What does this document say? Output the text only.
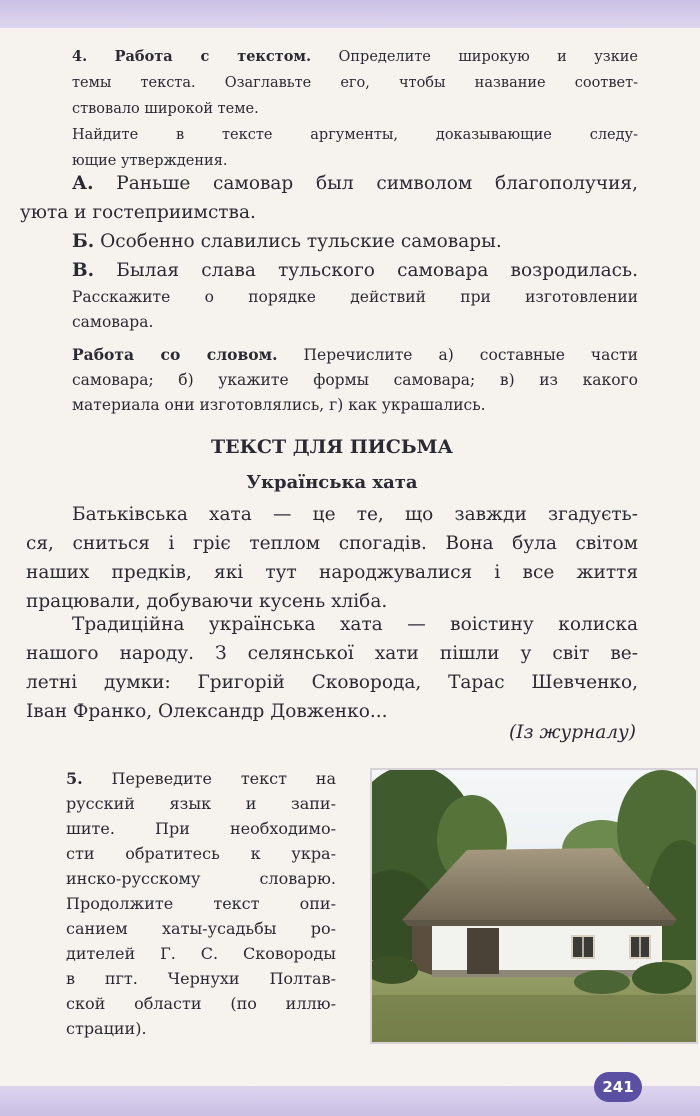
4. Работа с текстом. Определите широкую и узкие
темы текста. Озаглавьте его, чтобы название соответ-
ствовало широкой теме.
Найдите в тексте аргументы, доказывающие следу-
ющие утверждения.
А. Раньше самовар был символом благополучия,
уюта и гостеприимства.
Б. Особенно славились тульские самовары.
В. Былая слава тульского самовара возродилась.
Расскажите о порядке действий при изготовлении
самовара.
Работа со словом. Перечислите а) составные части
самовара; б) укажите формы самовара; в) из какого
материала они изготовлялись, г) как украшались.
ТЕКСТ ДЛЯ ПИСЬМА
Українська хата
Батьківська хата — це те, що завжди згадуєть-
ся, сниться і гріє теплом спогадів. Вона була світом
наших предків, які тут народжувалися і все життя
працювали, добуваючи кусень хліба.
Традиційна українська хата — воістину колиска
нашого народу. З селянської хати пішли у світ ве-
летні думки: Григорій Сковорода, Тарас Шевченко,
Іван Франко, Олександр Довженко...
(Із журналу)
5. Переведите текст на
русский язык и запи-
шите. При необходимо-
сти обратитесь к укра-
инско-русскому словарю.
Продолжите текст опи-
санием хаты-усадьбы ро-
дителей Г. С. Сковороды
в пгт. Чернухи Полтав-
ской области (по иллю-
страции).
241
